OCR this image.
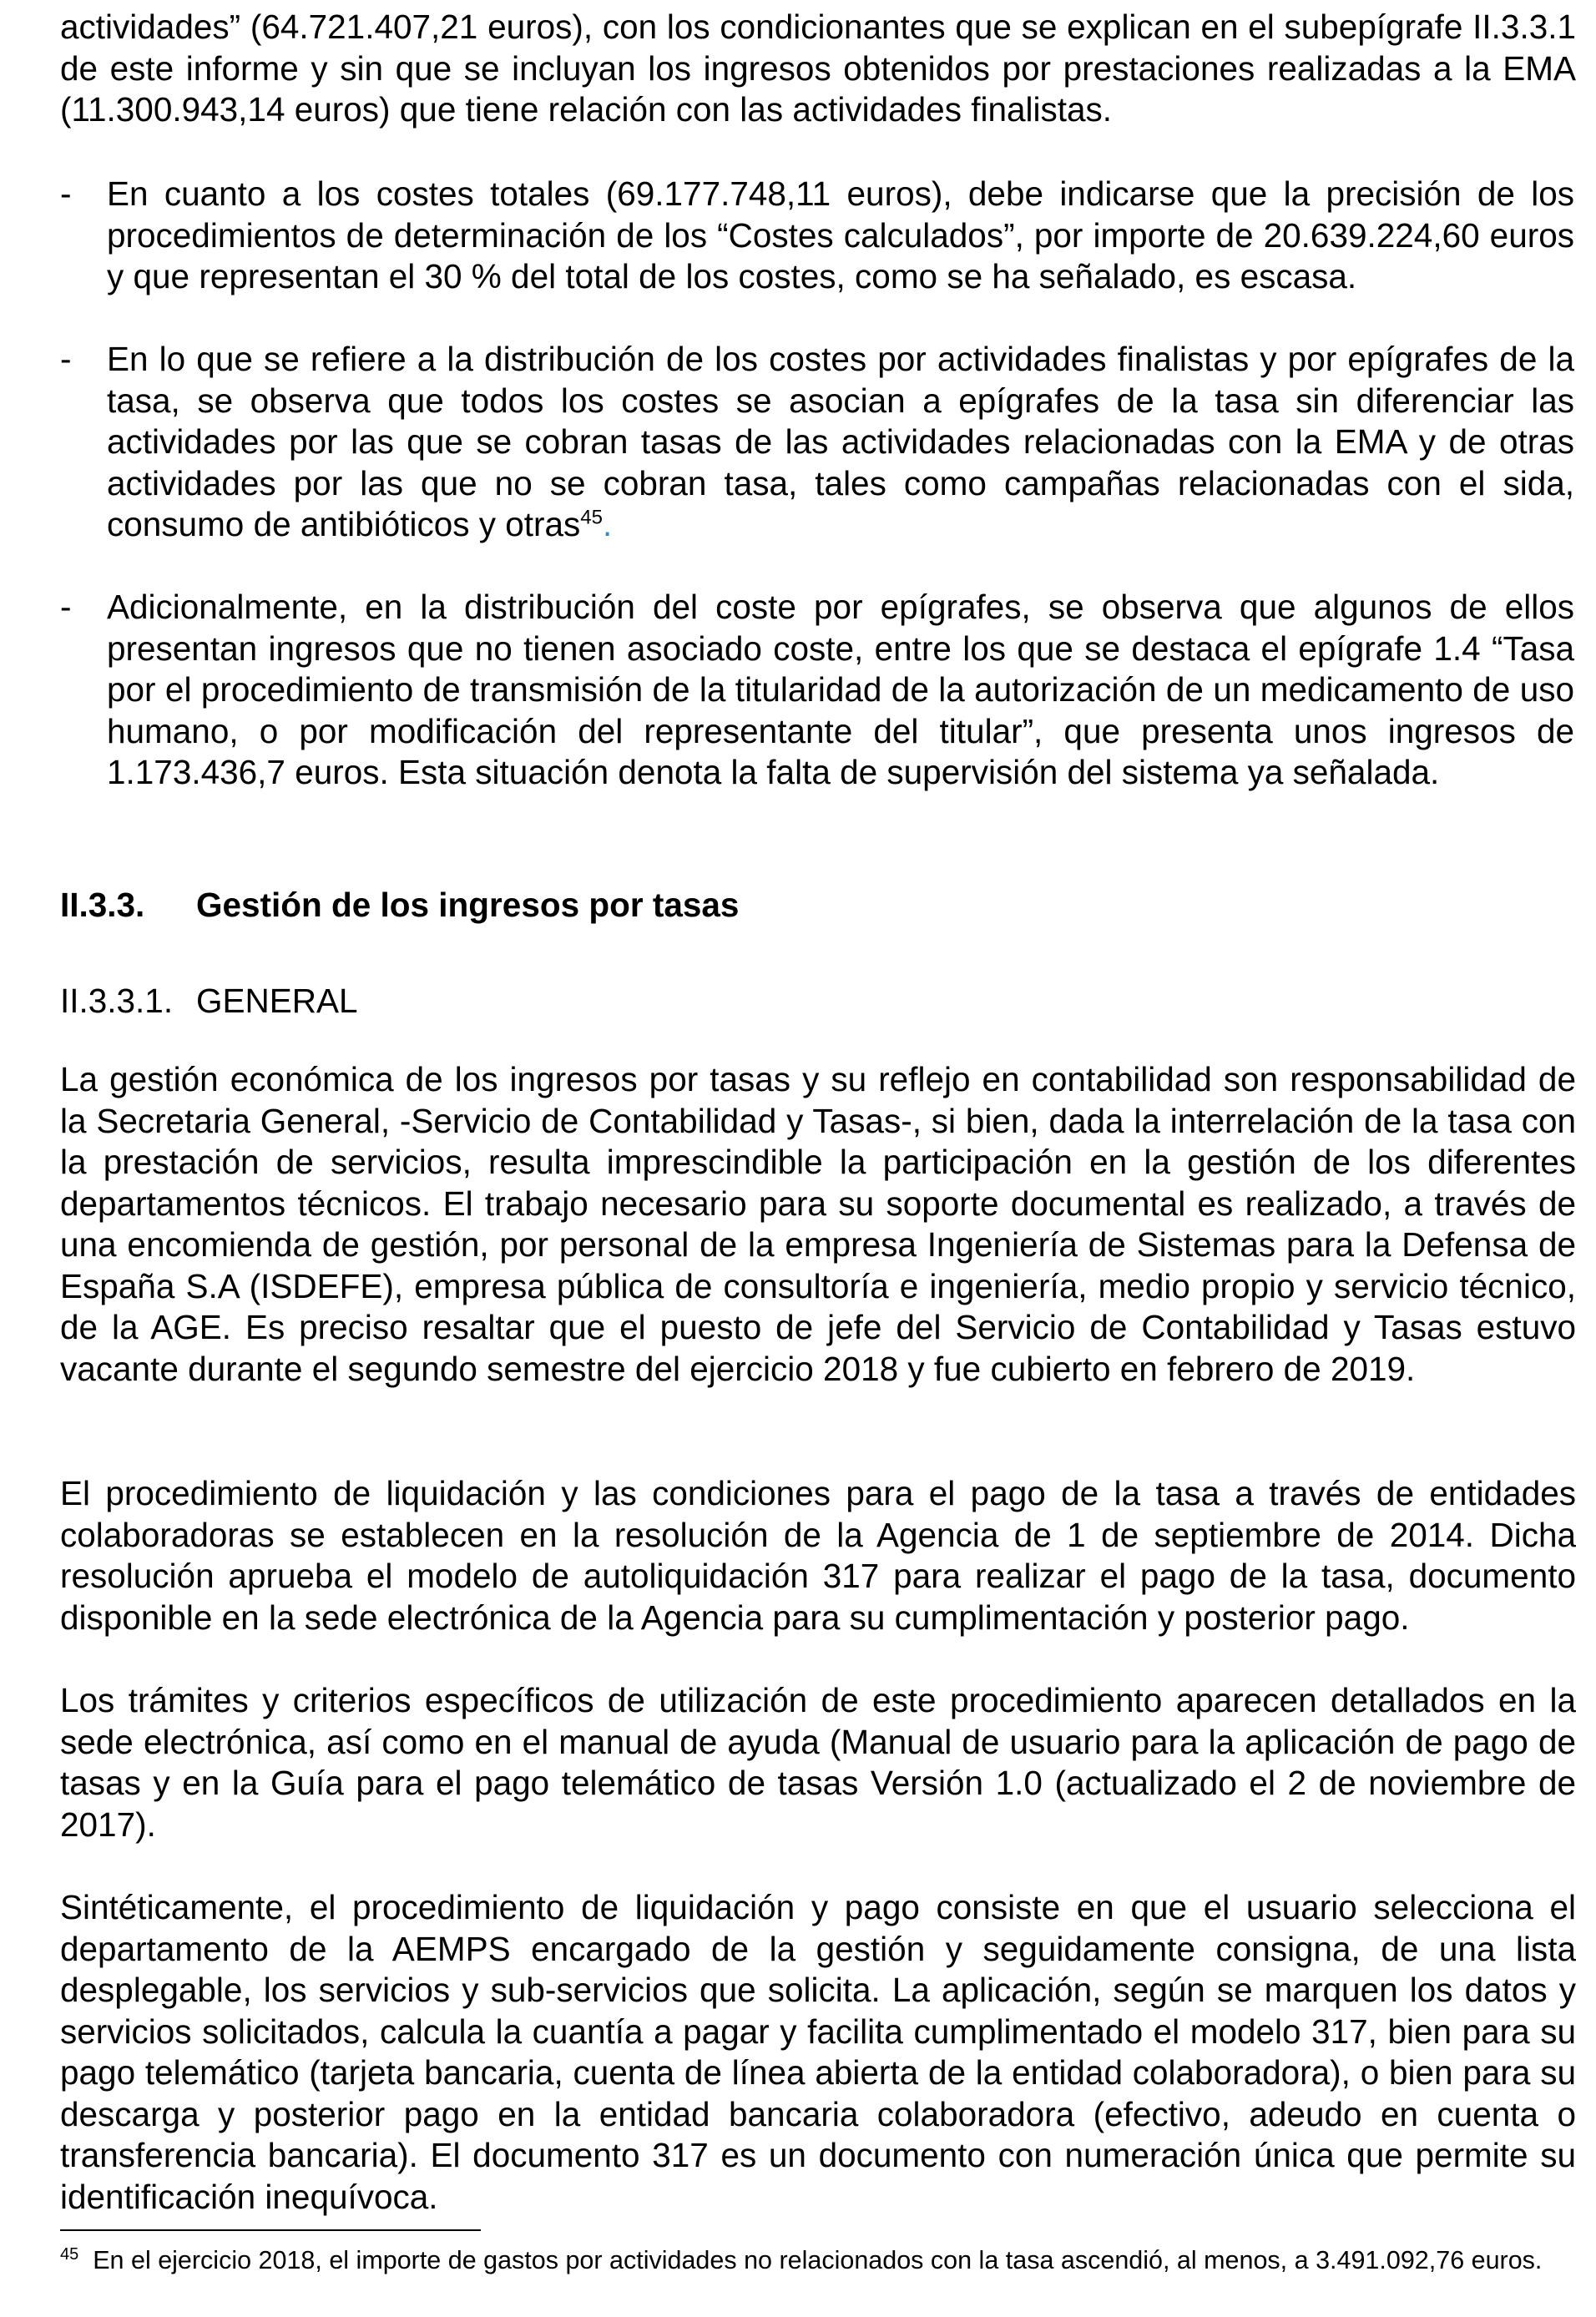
actividades” (64.721.407,21 euros), con los condicionantes que se explican en el subepígrafe II.3.3.1 de este informe y sin que se incluyan los ingresos obtenidos por prestaciones realizadas a la EMA (11.300.943,14 euros) que tiene relación con las actividades finalistas.

- En cuanto a los costes totales (69.177.748,11 euros), debe indicarse que la precisión de los procedimientos de determinación de los “Costes calculados”, por importe de 20.639.224,60 euros y que representan el 30 % del total de los costes, como se ha señalado, es escasa.

- En lo que se refiere a la distribución de los costes por actividades finalistas y por epígrafes de la tasa, se observa que todos los costes se asocian a epígrafes de la tasa sin diferenciar las actividades por las que se cobran tasas de las actividades relacionadas con la EMA y de otras actividades por las que no se cobran tasa, tales como campañas relacionadas con el sida, consumo de antibióticos y otras$^{45}$.

- Adicionalmente, en la distribución del coste por epígrafes, se observa que algunos de ellos presentan ingresos que no tienen asociado coste, entre los que se destaca el epígrafe 1.4 “Tasa por el procedimiento de transmisión de la titularidad de la autorización de un medicamento de uso humano, o por modificación del representante del titular”, que presenta unos ingresos de 1.173.436,7 euros. Esta situación denota la falta de supervisión del sistema ya señalada.

II.3.3. Gestión de los ingresos por tasas
II.3.3.1. GENERAL

La gestión económica de los ingresos por tasas y su reflejo en contabilidad son responsabilidad de la Secretaria General, -Servicio de Contabilidad y Tasas-, si bien, dada la interrelación de la tasa con la prestación de servicios, resulta imprescindible la participación en la gestión de los diferentes departamentos técnicos. El trabajo necesario para su soporte documental es realizado, a través de una encomienda de gestión, por personal de la empresa Ingeniería de Sistemas para la Defensa de España S.A (ISDEFE), empresa pública de consultoría e ingeniería, medio propio y servicio técnico, de la AGE. Es preciso resaltar que el puesto de jefe del Servicio de Contabilidad y Tasas estuvo vacante durante el segundo semestre del ejercicio 2018 y fue cubierto en febrero de 2019.

El procedimiento de liquidación y las condiciones para el pago de la tasa a través de entidades colaboradoras se establecen en la resolución de la Agencia de 1 de septiembre de 2014. Dicha resolución aprueba el modelo de autoliquidación 317 para realizar el pago de la tasa, documento disponible en la sede electrónica de la Agencia para su cumplimentación y posterior pago.

Los trámites y criterios específicos de utilización de este procedimiento aparecen detallados en la sede electrónica, así como en el manual de ayuda (Manual de usuario para la aplicación de pago de tasas y en la Guía para el pago telemático de tasas Versión 1.0 (actualizado el 2 de noviembre de 2017).

Sintéticamente, el procedimiento de liquidación y pago consiste en que el usuario selecciona el departamento de la AEMPS encargado de la gestión y seguidamente consigna, de una lista desplegable, los servicios y sub-servicios que solicita. La aplicación, según se marquen los datos y servicios solicitados, calcula la cuantía a pagar y facilita cumplimentado el modelo 317, bien para su pago telemático (tarjeta bancaria, cuenta de línea abierta de la entidad colaboradora), o bien para su descarga y posterior pago en la entidad bancaria colaboradora (efectivo, adeudo en cuenta o transferencia bancaria). El documento 317 es un documento con numeración única que permite su identificación inequívoca.

$^{45}$ En el ejercicio 2018, el importe de gastos por actividades no relacionados con la tasa ascendió, al menos, a 3.491.092,76 euros.
